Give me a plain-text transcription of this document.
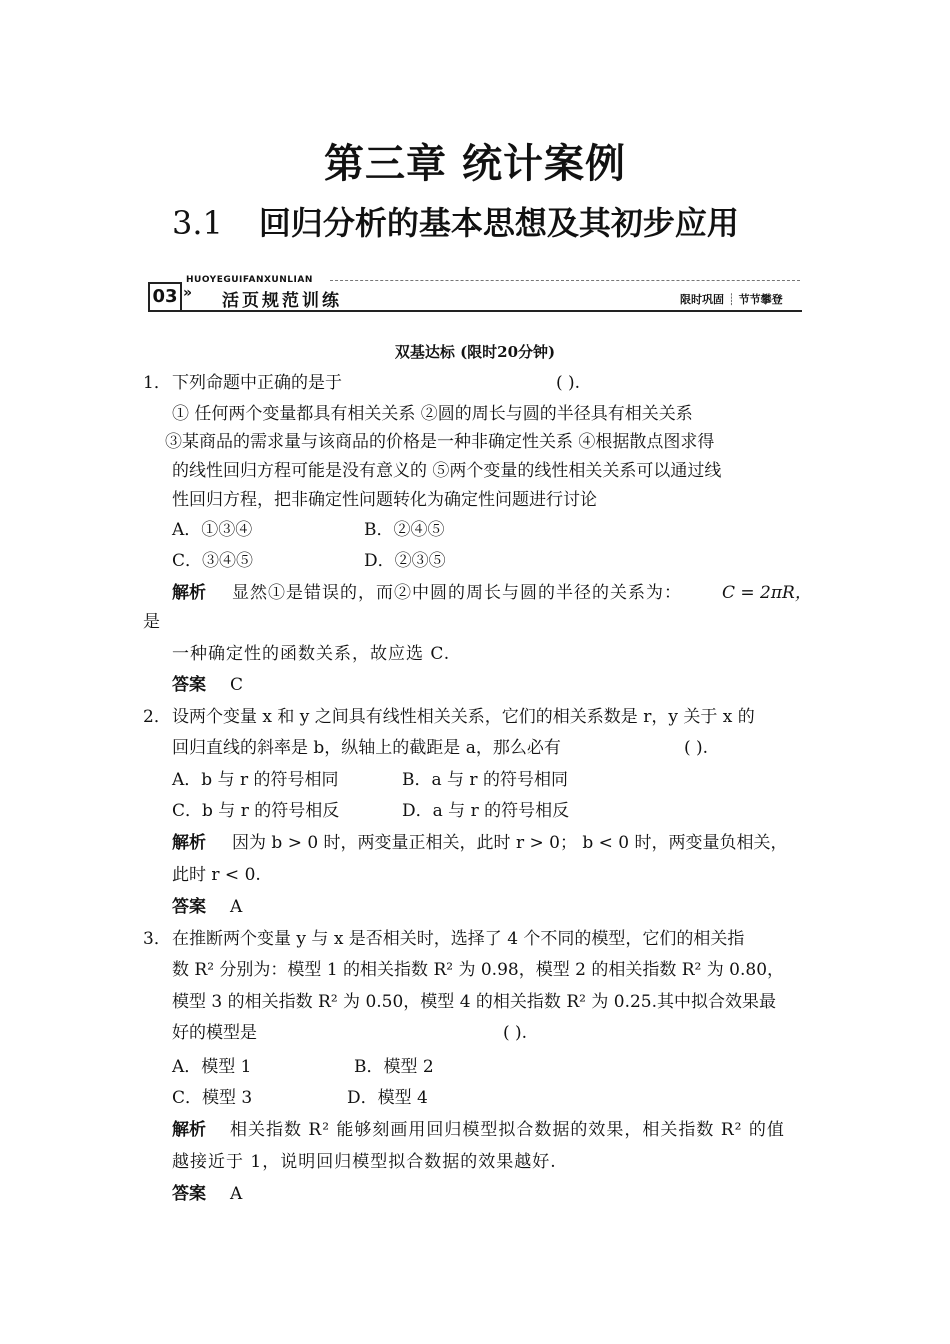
第三章 统计案例
3.1 回归分析的基本思想及其初步应用
HUOYEGUIFANXUNLIAN
03 » 活页规范训练	限时巩固 ┊ 节节攀登
双基达标 (限时20分钟)
1． 下列命题中正确的是于	( ).
① 任何两个变量都具有相关关系 ②圆的周长与圆的半径具有相关关系
③某商品的需求量与该商品的价格是一种非确定性关系 ④根据散点图求得
的线性回归方程可能是没有意义的 ⑤两个变量的线性相关关系可以通过线
性回归方程，把非确定性问题转化为确定性问题进行讨论
A．①③④	B．②④⑤
C．③④⑤	D．②③⑤
解析 显然①是错误的，而②中圆的周长与圆的半径的关系为： C = 2πR，
是
一种确定性的函数关系，故应选 C.
答案 C
2． 设两个变量 x 和 y 之间具有线性相关关系，它们的相关系数是 r，y 关于 x 的
回归直线的斜率是 b，纵轴上的截距是 a，那么必有	( ).
A．b 与 r 的符号相同	B．a 与 r 的符号相同
C．b 与 r 的符号相反	D．a 与 r 的符号相反
解析 因为 b > 0 时，两变量正相关，此时 r > 0； b < 0 时，两变量负相关，
此时 r < 0.
答案 A
3． 在推断两个变量 y 与 x 是否相关时，选择了 4 个不同的模型，它们的相关指
数 R² 分别为：模型 1 的相关指数 R² 为 0.98，模型 2 的相关指数 R² 为 0.80，
模型 3 的相关指数 R² 为 0.50，模型 4 的相关指数 R² 为 0.25.其中拟合效果最
好的模型是	( ).
A．模型 1	B．模型 2
C．模型 3	D．模型 4
解析 相关指数 R² 能够刻画用回归模型拟合数据的效果，相关指数 R² 的值
越接近于 1，说明回归模型拟合数据的效果越好.
答案 A
